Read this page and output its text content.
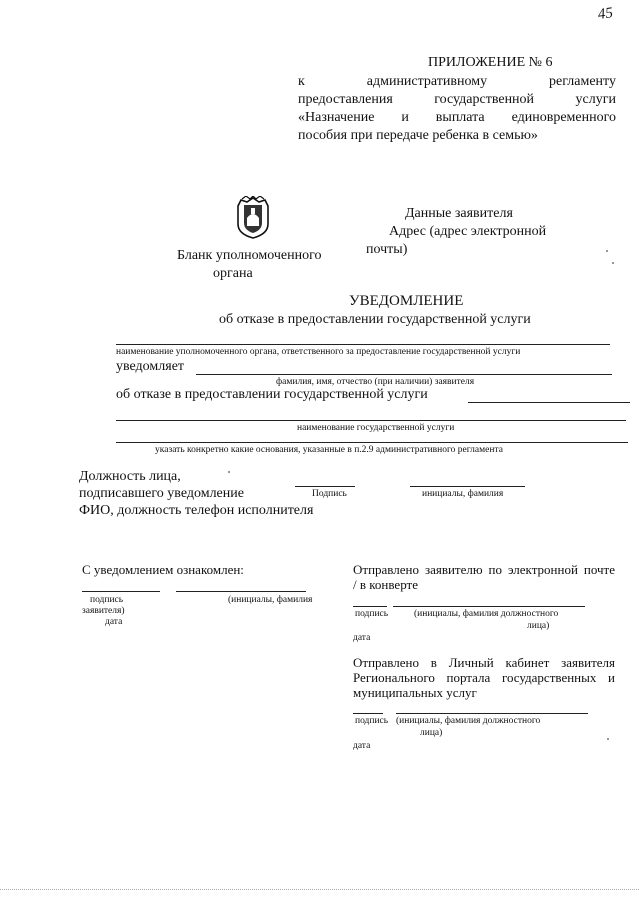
45
ПРИЛОЖЕНИЕ № 6
к административному регламенту
предоставления государственной услуги
«Назначение и выплата единовременного
пособия при передаче ребенка в семью»
Данные заявителя
Адрес (адрес электронной
почты)
Бланк уполномоченного
органа
УВЕДОМЛЕНИЕ
об отказе в предоставлении государственной услуги
наименование уполномоченного органа, ответственного за предоставление государственной услуги
уведомляет
фамилия, имя, отчество (при наличии) заявителя
об отказе в предоставлении государственной услуги
наименование государственной услуги
указать конкретно какие основания, указанные в п.2.9 административного регламента
Должность лица,
подписавшего уведомление
ФИО, должность телефон исполнителя
Подпись	инициалы, фамилия
С уведомлением ознакомлен:
подпись	(инициалы, фамилия
заявителя)
дата
Отправлено заявителю по электронной почте
/ в конверте
подпись	(инициалы, фамилия должностного
лица)
дата
Отправлено в Личный кабинет заявителя
Регионального портала государственных и
муниципальных услуг
подпись (инициалы, фамилия должностного
лица)
дата
